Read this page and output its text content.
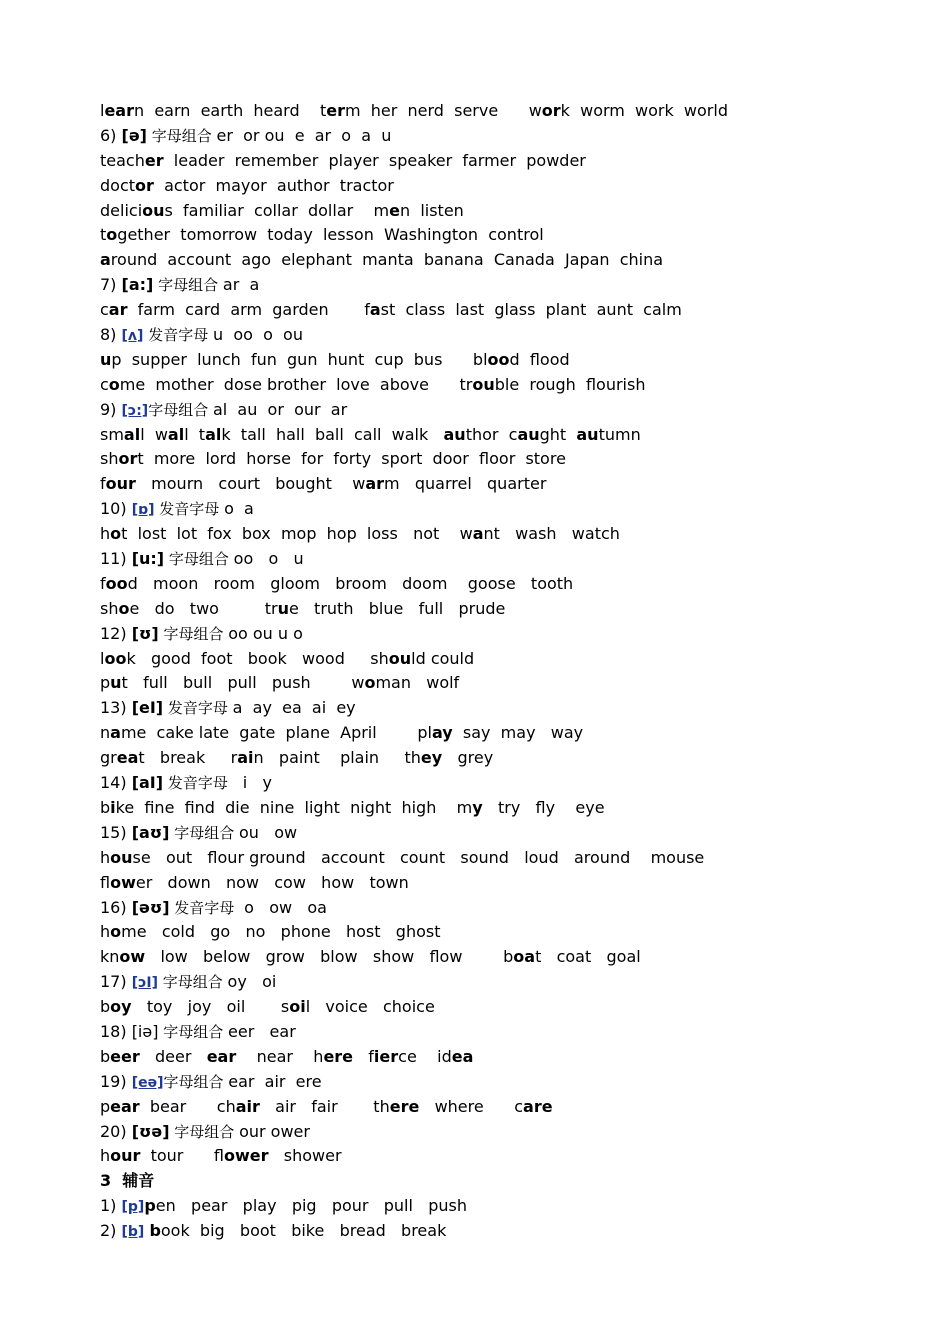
learn  earn  earth  heard    term  her  nerd  serve      work  worm  work  world
6) [ə] 字母组合 er  or ou  e  ar  o  a  u
teacher  leader  remember  player  speaker  farmer  powder
doctor  actor  mayor  author  tractor
delicious  familiar  collar  dollar    men  listen
together  tomorrow  today  lesson  Washington  control
around  account  ago  elephant  manta  banana  Canada  Japan  china
7) [a:] 字母组合 ar  a
car  farm  card  arm  garden       fast  class  last  glass  plant  aunt  calm
8) [ʌ] 发音字母 u  oo  o  ou
up  supper  lunch  fun  gun  hunt  cup  bus      blood  flood
come  mother  dose brother  love  above      trouble  rough  flourish
9) [ɔ:]字母组合 al  au  or  our  ar
small  wall  talk  tall  hall  ball  call  walk   author  caught  autumn
short  more  lord  horse  for  forty  sport  door  floor  store
four   mourn   court   bought    warm   quarrel   quarter
10) [ɒ] 发音字母 o  a
hot  lost  lot  fox  box  mop  hop  loss   not    want   wash   watch
11) [u:] 字母组合 oo   o   u
food   moon   room   gloom   broom   doom    goose   tooth
shoe   do   two         true   truth   blue   full   prude
12) [ʊ] 字母组合 oo ou u o
look   good  foot   book   wood     should could
put   full   bull   pull   push        woman   wolf
13) [eI] 发音字母 a  ay  ea  ai  ey
name  cake late  gate  plane  April        play  say  may   way
great   break     rain   paint    plain     they   grey
14) [aI] 发音字母   i   y
bike  fine  find  die  nine  light  night  high    my   try   fly    eye
15) [aʊ] 字母组合 ou   ow
house   out   flour ground   account   count   sound   loud   around    mouse
flower   down   now   cow   how   town
16) [əʊ] 发音字母  o   ow   oa
home   cold   go   no   phone   host   ghost
know   low   below   grow   blow   show   flow        boat   coat   goal
17) [ɔI] 字母组合 oy   oi
boy   toy   joy   oil       soil   voice   choice
18) [iə] 字母组合 eer   ear
beer   deer   ear    near    here   fierce    idea
19) [eə]字母组合 ear  air  ere
pear  bear      chair   air   fair       there   where      care
20) [ʊə] 字母组合 our ower
hour  tour      flower   shower
3  辅音
1) [p]pen   pear   play   pig   pour   pull   push
2) [b] book  big   boot   bike   bread   break
